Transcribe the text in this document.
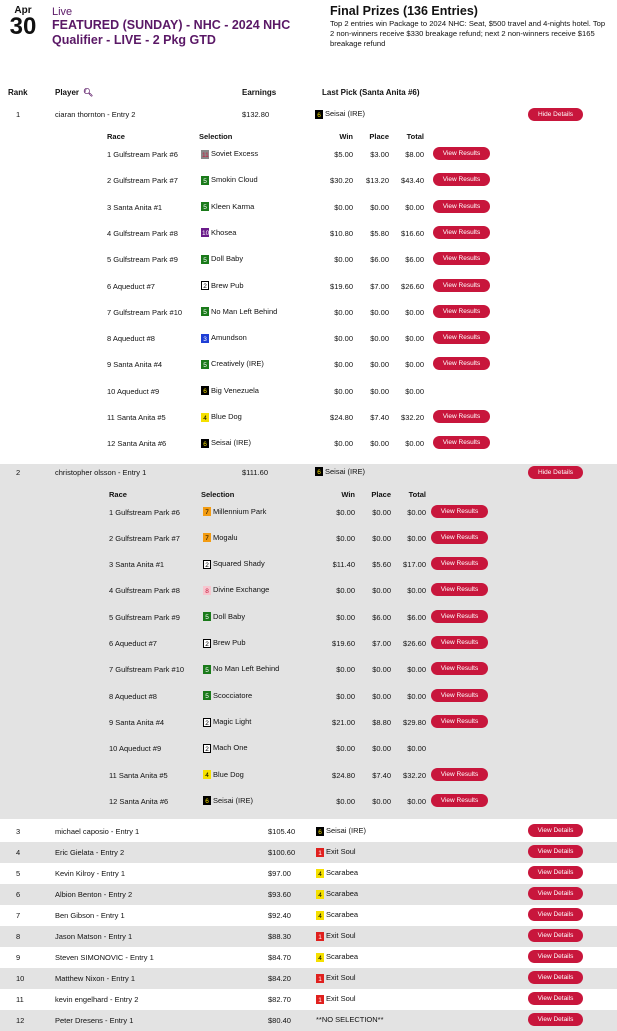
Apr
30
Live
FEATURED (SUNDAY) - NHC - 2024 NHC Qualifier - LIVE - 2 Pkg GTD
Final Prizes (136 Entries)

Top 2 entries win Package to 2024 NHC: Seat, $500 travel and 4-nights hotel. Top 2 non-winners receive $330 breakage refund; next 2 non-winners receive $165 breakage refund

Rank	Player 🔍︎	Earnings	Last Pick (Santa Anita #6)
1	ciaran thornton - Entry 2	$132.80	6 Seisai (IRE)	Hide Details
Race	Selection	Win	Place	Total
1 Gulfstream Park #6	11 Soviet Excess	$5.00	$3.00	$8.00	View Results
2 Gulfstream Park #7	5 Smokin Cloud	$30.20	$13.20	$43.40	View Results
3 Santa Anita #1	5 Kleen Karma	$0.00	$0.00	$0.00	View Results
4 Gulfstream Park #8	10 Khosea	$10.80	$5.80	$16.60	View Results
5 Gulfstream Park #9	5 Doll Baby	$0.00	$6.00	$6.00	View Results
6 Aqueduct #7	2 Brew Pub	$19.60	$7.00	$26.60	View Results
7 Gulfstream Park #10	5 No Man Left Behind	$0.00	$0.00	$0.00	View Results
8 Aqueduct #8	3 Amundson	$0.00	$0.00	$0.00	View Results
9 Santa Anita #4	5 Creatively (IRE)	$0.00	$0.00	$0.00	View Results
10 Aqueduct #9	6 Big Venezuela	$0.00	$0.00	$0.00
11 Santa Anita #5	4 Blue Dog	$24.80	$7.40	$32.20	View Results
12 Santa Anita #6	6 Seisai (IRE)	$0.00	$0.00	$0.00	View Results
2	christopher olsson - Entry 1	$111.60	6 Seisai (IRE)	Hide Details
Race	Selection	Win	Place	Total
1 Gulfstream Park #6	7 Millennium Park	$0.00	$0.00	$0.00	View Results
2 Gulfstream Park #7	7 Mogalu	$0.00	$0.00	$0.00	View Results
3 Santa Anita #1	2 Squared Shady	$11.40	$5.60	$17.00	View Results
4 Gulfstream Park #8	8 Divine Exchange	$0.00	$0.00	$0.00	View Results
5 Gulfstream Park #9	5 Doll Baby	$0.00	$6.00	$6.00	View Results
6 Aqueduct #7	2 Brew Pub	$19.60	$7.00	$26.60	View Results
7 Gulfstream Park #10	5 No Man Left Behind	$0.00	$0.00	$0.00	View Results
8 Aqueduct #8	5 Scocciatore	$0.00	$0.00	$0.00	View Results
9 Santa Anita #4	2 Magic Light	$21.00	$8.80	$29.80	View Results
10 Aqueduct #9	2 Mach One	$0.00	$0.00	$0.00
11 Santa Anita #5	4 Blue Dog	$24.80	$7.40	$32.20	View Results
12 Santa Anita #6	6 Seisai (IRE)	$0.00	$0.00	$0.00	View Results
3	michael caposio - Entry 1	$105.40	6 Seisai (IRE)	View Details
4	Eric Gielata - Entry 2	$100.60	1 Exit Soul	View Details
5	Kevin Kilroy - Entry 1	$97.00	4 Scarabea	View Details
6	Albion Benton - Entry 2	$93.60	4 Scarabea	View Details
7	Ben Gibson - Entry 1	$92.40	4 Scarabea	View Details
8	Jason Matson - Entry 1	$88.30	1 Exit Soul	View Details
9	Steven SIMONOVIC - Entry 1	$84.70	4 Scarabea	View Details
10	Matthew Nixon - Entry 1	$84.20	1 Exit Soul	View Details
11	kevin engelhard - Entry 2	$82.70	1 Exit Soul	View Details
12	Peter Dresens - Entry 1	$80.40	**NO SELECTION**	View Details
